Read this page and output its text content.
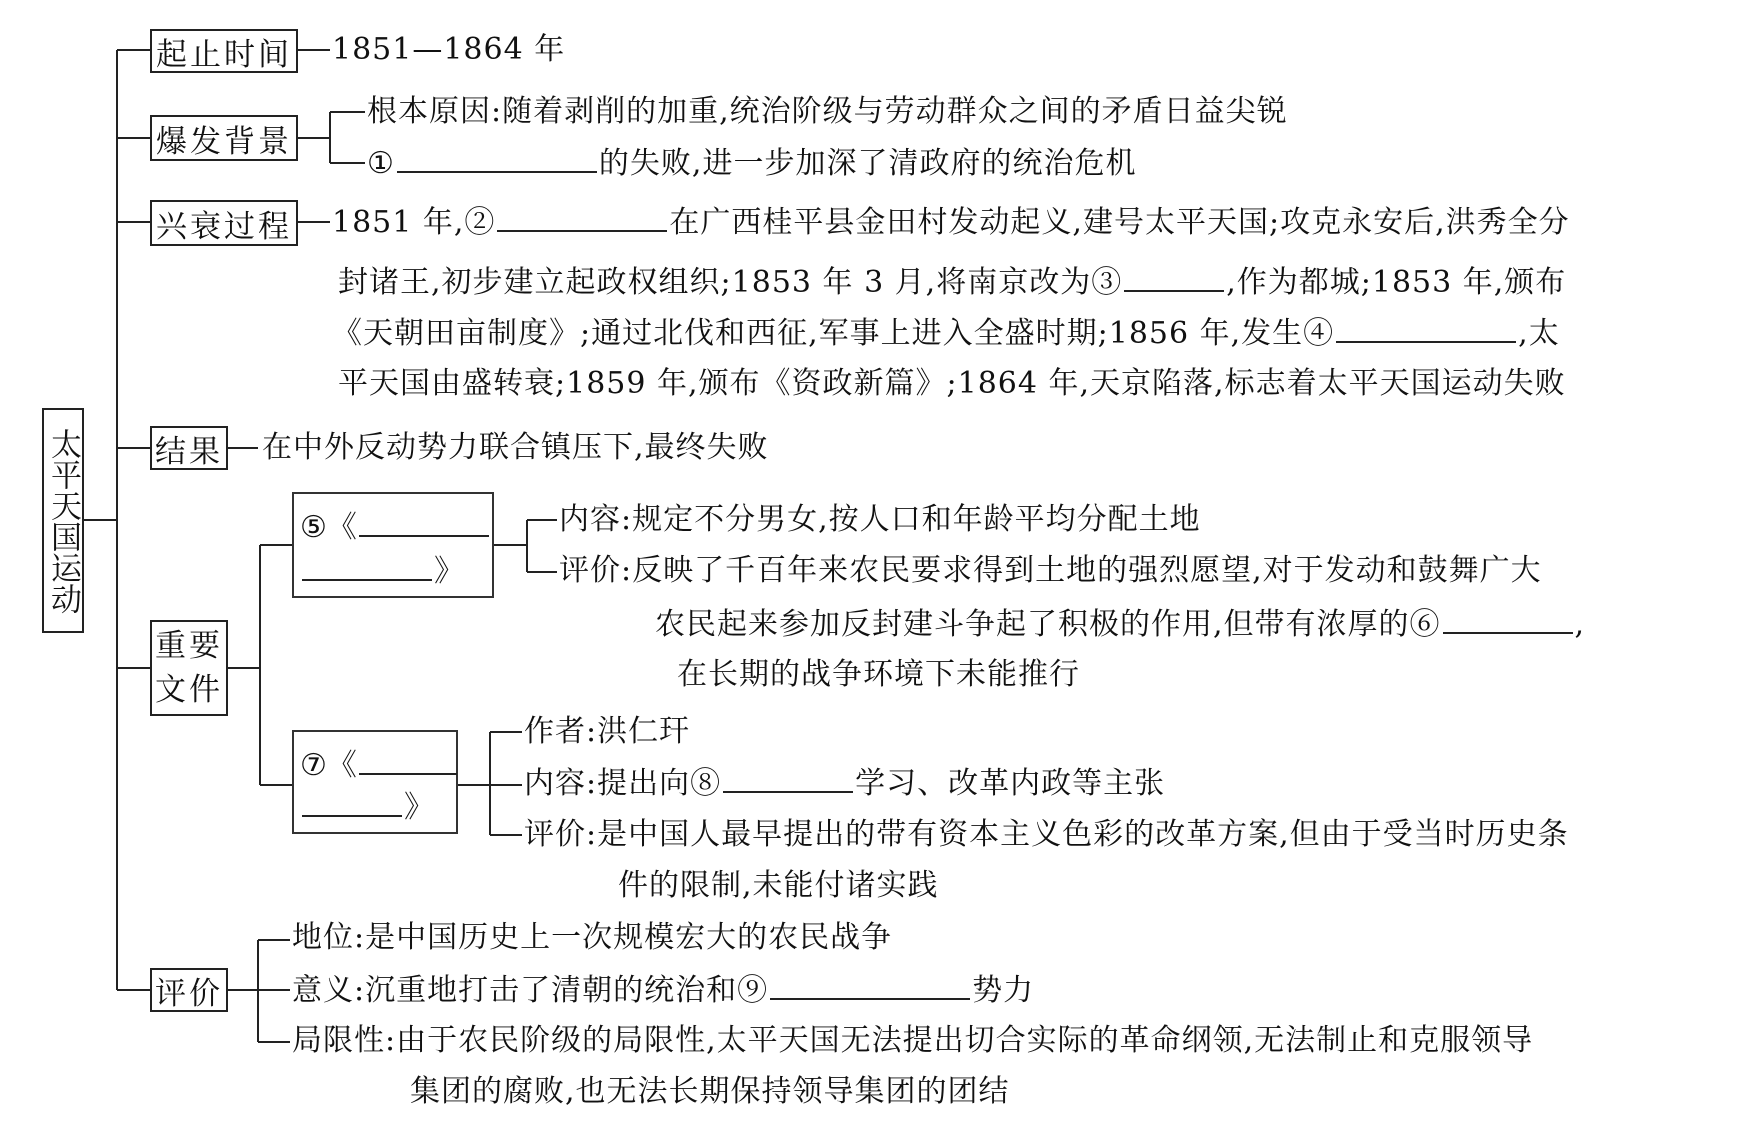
太平天国运动
起止时间
爆发背景
兴衰过程
结果
重要
文件
评价
1851—1864 年
根本原因:随着剥削的加重,统治阶级与劳动群众之间的矛盾日益尖锐
①	的失败,进一步加深了清政府的统治危机
1851 年,②	在广西桂平县金田村发动起义,建号太平天国;攻克永安后,洪秀全分
封诸王,初步建立起政权组织;1853 年 3 月,将南京改为③	,作为都城;1853 年,颁布
《天朝田亩制度》;通过北伐和西征,军事上进入全盛时期;1856 年,发生④	,太
平天国由盛转衰;1859 年,颁布《资政新篇》;1864 年,天京陷落,标志着太平天国运动失败
在中外反动势力联合镇压下,最终失败
⑤《
》
内容:规定不分男女,按人口和年龄平均分配土地
评价:反映了千百年来农民要求得到土地的强烈愿望,对于发动和鼓舞广大
农民起来参加反封建斗争起了积极的作用,但带有浓厚的⑥	,
在长期的战争环境下未能推行
⑦《
》
作者:洪仁玕
内容:提出向⑧	学习、改革内政等主张
评价:是中国人最早提出的带有资本主义色彩的改革方案,但由于受当时历史条
件的限制,未能付诸实践
地位:是中国历史上一次规模宏大的农民战争
意义:沉重地打击了清朝的统治和⑨	势力
局限性:由于农民阶级的局限性,太平天国无法提出切合实际的革命纲领,无法制止和克服领导
集团的腐败,也无法长期保持领导集团的团结
